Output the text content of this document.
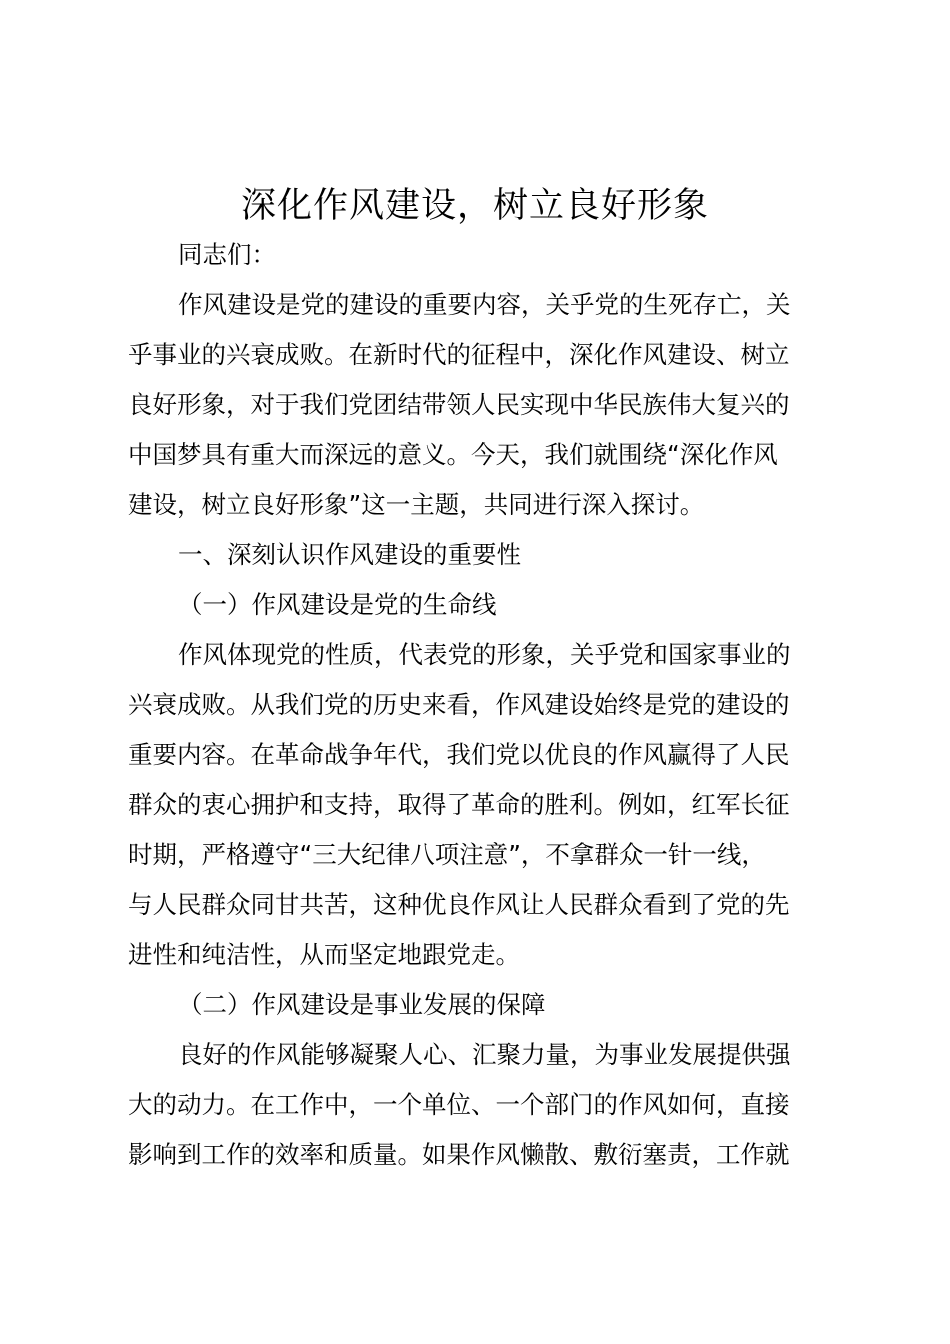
深化作风建设，树立良好形象

同志们：

作风建设是党的建设的重要内容，关乎党的生死存亡，关

乎事业的兴衰成败。在新时代的征程中，深化作风建设、树立

良好形象，对于我们党团结带领人民实现中华民族伟大复兴的

中国梦具有重大而深远的意义。今天，我们就围绕“深化作风

建设，树立良好形象”这一主题，共同进行深入探讨。

一、深刻认识作风建设的重要性

（一）作风建设是党的生命线

作风体现党的性质，代表党的形象，关乎党和国家事业的

兴衰成败。从我们党的历史来看，作风建设始终是党的建设的

重要内容。在革命战争年代，我们党以优良的作风赢得了人民

群众的衷心拥护和支持，取得了革命的胜利。例如，红军长征

时期，严格遵守“三大纪律八项注意”，不拿群众一针一线，

与人民群众同甘共苦，这种优良作风让人民群众看到了党的先

进性和纯洁性，从而坚定地跟党走。

（二）作风建设是事业发展的保障

良好的作风能够凝聚人心、汇聚力量，为事业发展提供强

大的动力。在工作中，一个单位、一个部门的作风如何，直接

影响到工作的效率和质量。如果作风懒散、敷衍塞责，工作就
